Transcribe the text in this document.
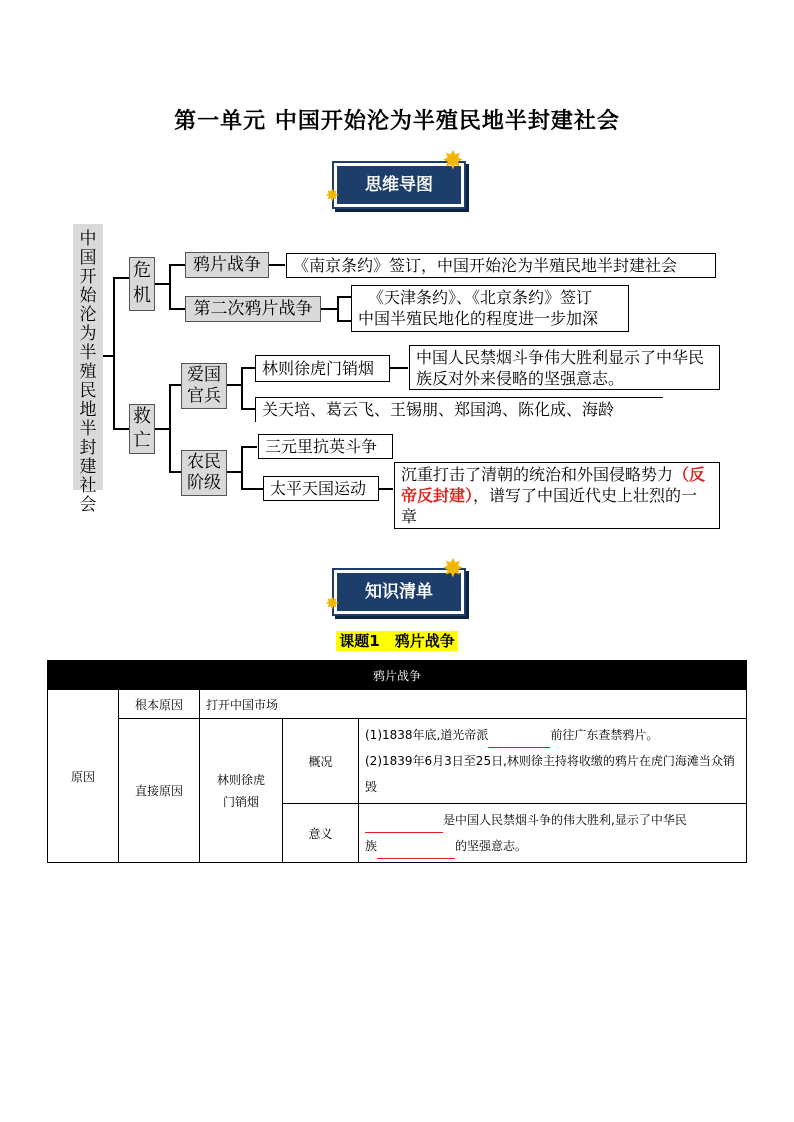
第一单元 中国开始沦为半殖民地半封建社会
思维导图
✸
✸
中国开始沦为半殖民地半封建社会
危机
鸦片战争	《南京条约》签订，中国开始沦为半殖民地半封建社会
第二次鸦片战争
《天津条约》、《北京条约》签订
中国半殖民地化的程度进一步加深
救亡
爱国官兵
林则徐虎门销烟
中国人民禁烟斗争伟大胜利显示了中华民族反对外来侵略的坚强意志。
关天培、葛云飞、王锡朋、郑国鸿、陈化成、海龄
农民阶级
三元里抗英斗争
太平天国运动
沉重打击了清朝的统治和外国侵略势力（反帝反封建），谱写了中国近代史上壮烈的一章
知识清单
✸
✸
课题1　鸦片战争
鸦片战争				
原因	根本原因	打开中国市场		
	直接原因	林则徐虎门销烟	概况	(1)1838年底,道光帝派 前往广东查禁鸦片。
(2)1839年6月3日至25日,林则徐主持将收缴的鸦片在虎门海滩当众销毁

			意义	是中国人民禁烟斗争的伟大胜利,显示了中华民
族 的坚强意志。
